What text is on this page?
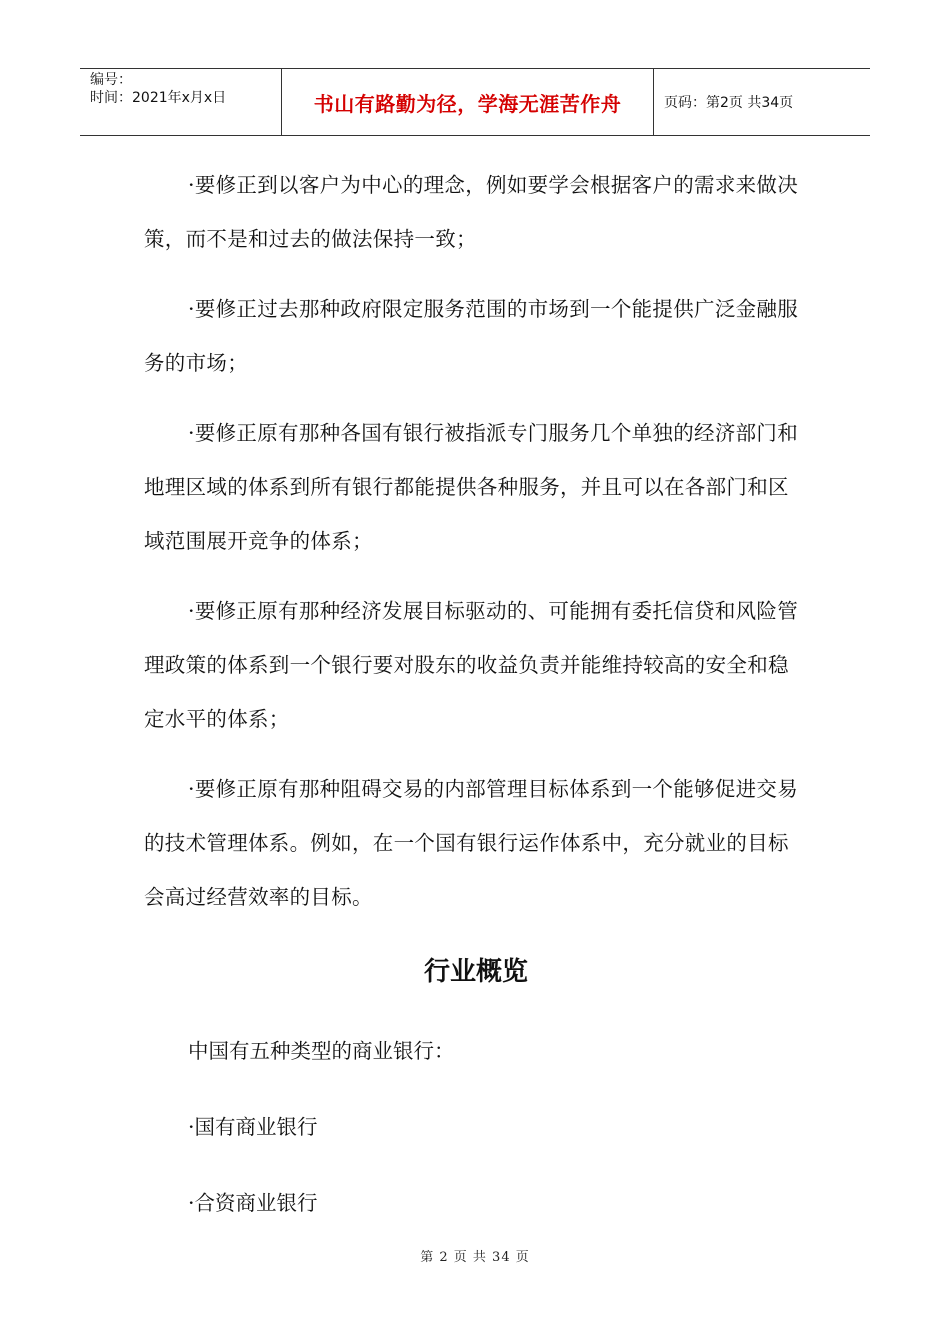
编号：
时间：2021年x月x日	书山有路勤为径，学海无涯苦作舟	页码：第2页 共34页

·要修正到以客户为中心的理念，例如要学会根据客户的需求来做决策，而不是和过去的做法保持一致；

·要修正过去那种政府限定服务范围的市场到一个能提供广泛金融服务的市场；

·要修正原有那种各国有银行被指派专门服务几个单独的经济部门和地理区域的体系到所有银行都能提供各种服务，并且可以在各部门和区域范围展开竞争的体系；

·要修正原有那种经济发展目标驱动的、可能拥有委托信贷和风险管理政策的体系到一个银行要对股东的收益负责并能维持较高的安全和稳定水平的体系；

·要修正原有那种阻碍交易的内部管理目标体系到一个能够促进交易的技术管理体系。例如，在一个国有银行运作体系中，充分就业的目标会高过经营效率的目标。

行业概览

中国有五种类型的商业银行：

·国有商业银行

·合资商业银行

第 2 页 共 34 页
